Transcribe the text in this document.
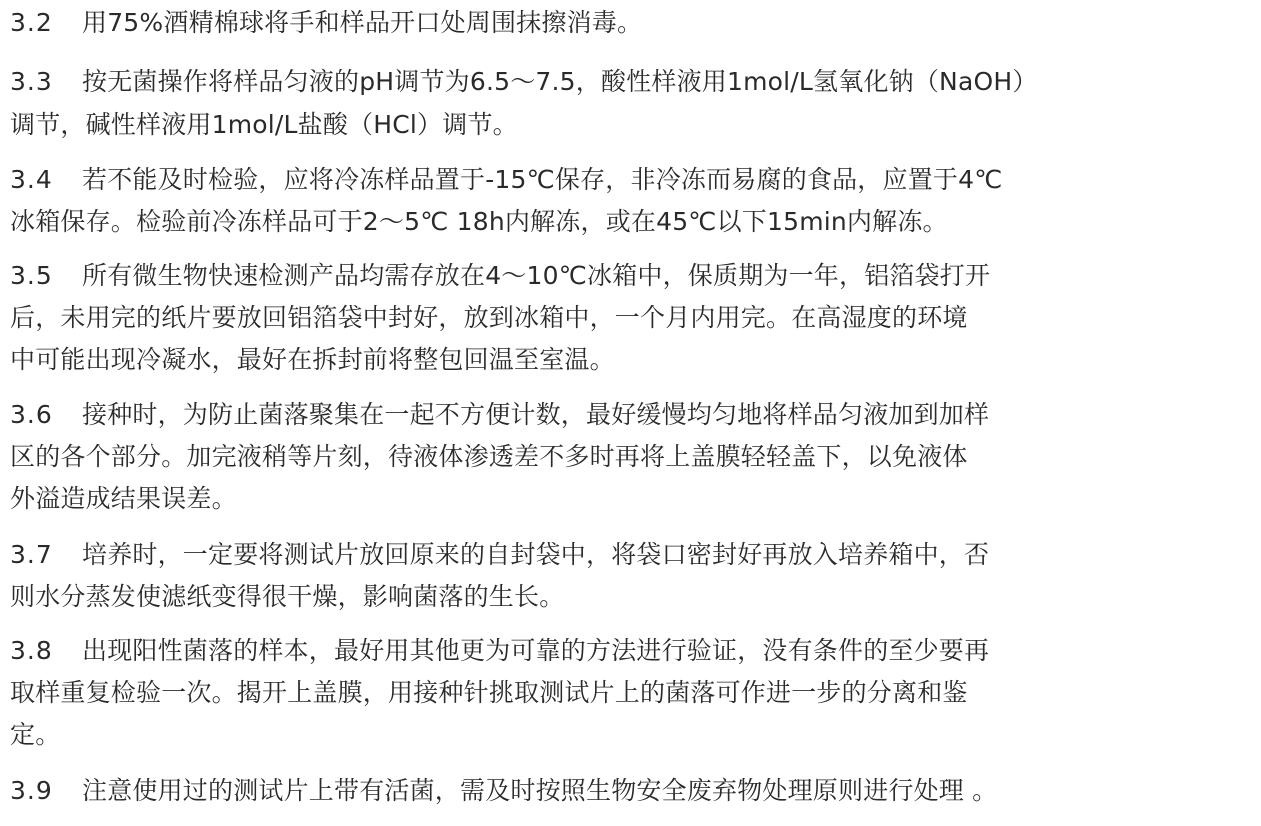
3.2 用75%酒精棉球将手和样品开口处周围抹擦消毒。
3.3 按无菌操作将样品匀液的pH调节为6.5～7.5，酸性样液用1mol/L氢氧化钠（NaOH）
调节，碱性样液用1mol/L盐酸（HCl）调节。
3.4 若不能及时检验，应将冷冻样品置于-15℃保存，非冷冻而易腐的食品，应置于4℃
冰箱保存。检验前冷冻样品可于2～5℃ 18h内解冻，或在45℃以下15min内解冻。
3.5 所有微生物快速检测产品均需存放在4～10℃冰箱中，保质期为一年，铝箔袋打开
后，未用完的纸片要放回铝箔袋中封好，放到冰箱中，一个月内用完。在高湿度的环境
中可能出现冷凝水，最好在拆封前将整包回温至室温。
3.6 接种时，为防止菌落聚集在一起不方便计数，最好缓慢均匀地将样品匀液加到加样
区的各个部分。加完液稍等片刻，待液体渗透差不多时再将上盖膜轻轻盖下，以免液体
外溢造成结果误差。
3.7 培养时，一定要将测试片放回原来的自封袋中，将袋口密封好再放入培养箱中，否
则水分蒸发使滤纸变得很干燥，影响菌落的生长。
3.8 出现阳性菌落的样本，最好用其他更为可靠的方法进行验证，没有条件的至少要再
取样重复检验一次。揭开上盖膜，用接种针挑取测试片上的菌落可作进一步的分离和鉴
定。
3.9 注意使用过的测试片上带有活菌，需及时按照生物安全废弃物处理原则进行处理 。
